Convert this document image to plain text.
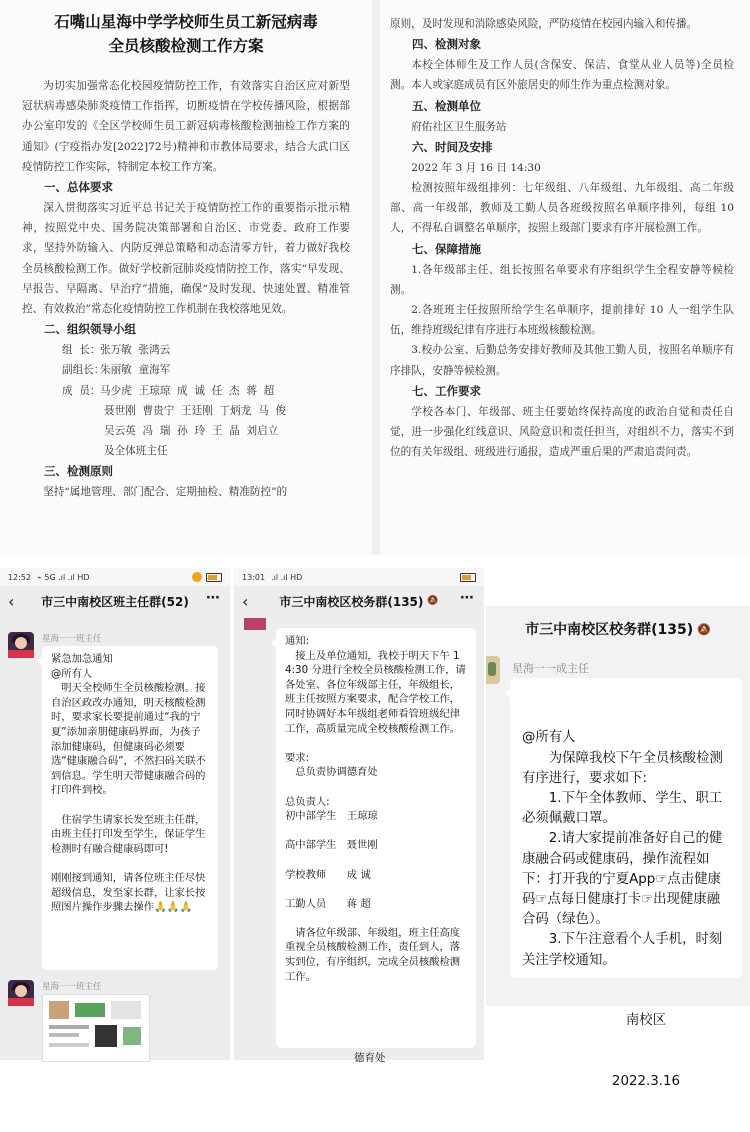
石嘴山星海中学学校师生员工新冠病毒
全员核酸检测工作方案

为切实加强常态化校园疫情防控工作，有效落实自治区应对新型冠状病毒感染肺炎疫情工作指挥，切断疫情在学校传播风险，根据部办公室印发的《全区学校师生员工新冠病毒核酸检测抽检工作方案的通知》(宁疫指办发[2022]72号)精神和市教体局要求，结合大武口区疫情防控工作实际，特制定本校工作方案。

一、总体要求

深入贯彻落实习近平总书记关于疫情防控工作的重要指示批示精神，按照党中央、国务院决策部署和自治区、市党委、政府工作要求，坚持外防输入、内防反弹总策略和动态清零方针，着力做好我校全员核酸检测工作。做好学校新冠肺炎疫情防控工作，落实“早发现、早报告、早隔离、早治疗”措施，确保“及时发现、快速处置、精准管控、有效救治”常态化疫情防控工作机制在我校落地见效。

二、组织领导小组

组  长： 张万敏  张鸿云
副组长：
朱丽敏  童海军
成  员： 马少虎  王琼琼  成  诚  任  杰  蒋  超
聂世刚  曹贵宁  王廷刚  丁炳龙  马  俊
吴云英  冯  瑞  孙  玲  王  晶  刘启立
及全体班主任

三、检测原则

坚持“属地管理、部门配合、定期抽检、精准防控”的

原则，及时发现和消除感染风险，严防疫情在校园内输入和传播。

四、检测对象

本校全体师生及工作人员(含保安、保洁、食堂从业人员等)全员检测。本人或家庭成员有区外旅居史的师生作为重点检测对象。

五、检测单位

府佑社区卫生服务站

六、时间及安排

2022 年 3 月 16 日 14:30

检测按照年级组排列：七年级组、八年级组、九年级组、高二年级部、高一年级部，教师及工勤人员各班级按照名单顺序排列，每组 10 人，不得私自调整名单顺序，按照上级部门要求有序开展检测工作。

七、保障措施

1.各年级部主任、组长按照名单要求有序组织学生全程安静等候检测。

2.各班班主任按照所给学生名单顺序，提前排好 10 人一组学生队伍，维持班级纪律有序进行本班级核酸检测。

3.校办公室、后勤总务安排好教师及其他工勤人员，按照名单顺序有序排队，安静等候检测。

七、工作要求

学校各本门、年级部、班主任要始终保持高度的政治自觉和责任自觉，进一步强化红线意识、风险意识和责任担当，对组织不力，落实不到位的有关年级组、班级进行通报，造成严重后果的严肃追责问责。

12:52 ⌁ 5G .ıl .ıl HD
‹ 市三中南校区班主任群(52) ⋯
星海一一班主任
紧急加急通知
@所有人
　明天全校师生全员核酸检测。接自治区政改办通知，明天核酸检测时，要求家长要提前通过“我的宁夏”添加亲朋健康码界面，为孩子添加健康码，但健康码必须要选“健康融合码”，不然扫码关联不到信息。学生明天带健康融合码的打印件到校。

　住宿学生请家长发至班主任群，由班主任打印发至学生，保证学生检测时有融合健康码即可!

刚刚接到通知，请各位班主任尽快超级信息，发至家长群，让家长按照图片操作步骤去操作🙏🙏🙏
星海一一班主任
13:01 .ıl .ıl HD
‹	市三中南校区校务群(135) 🔕 ⋯
通知:
　接上及单位通知，我校于明天下午 14:30 分进行全校全员核酸检测工作，请各处室、各位年级部主任，年级组长，班主任按照方案要求，配合学校工作，同时协调好本年级组老师看管班级纪律工作，高质量完成全校核酸检测工作。

要求:
　总负责协调德育处

总负责人:
初中部学生　王琼琼

高中部学生　聂世刚

学校教师　　成 诚

工勤人员　　蒋 超

　请各位年级部、年级组，班主任高度重视全员核酸检测工作，责任到人，落实到位，有序组织，完成全员核酸检测工作。
德育处
市三中南校区校务群(135) 🔕
星海一一成主任

@所有人
　　为保障我校下午全员核酸检测有序进行，要求如下:
　　1.下午全体教师、学生、职工必须佩戴口罩。
　　2.请大家提前准备好自己的健康融合码或健康码，操作流程如下：打开我的宁夏App☞点击健康码☞点每日健康打卡☞出现健康融合码（绿色）。
　　3.下午注意看个人手机，时刻关注学校通知。

南校区

2022.3.16
